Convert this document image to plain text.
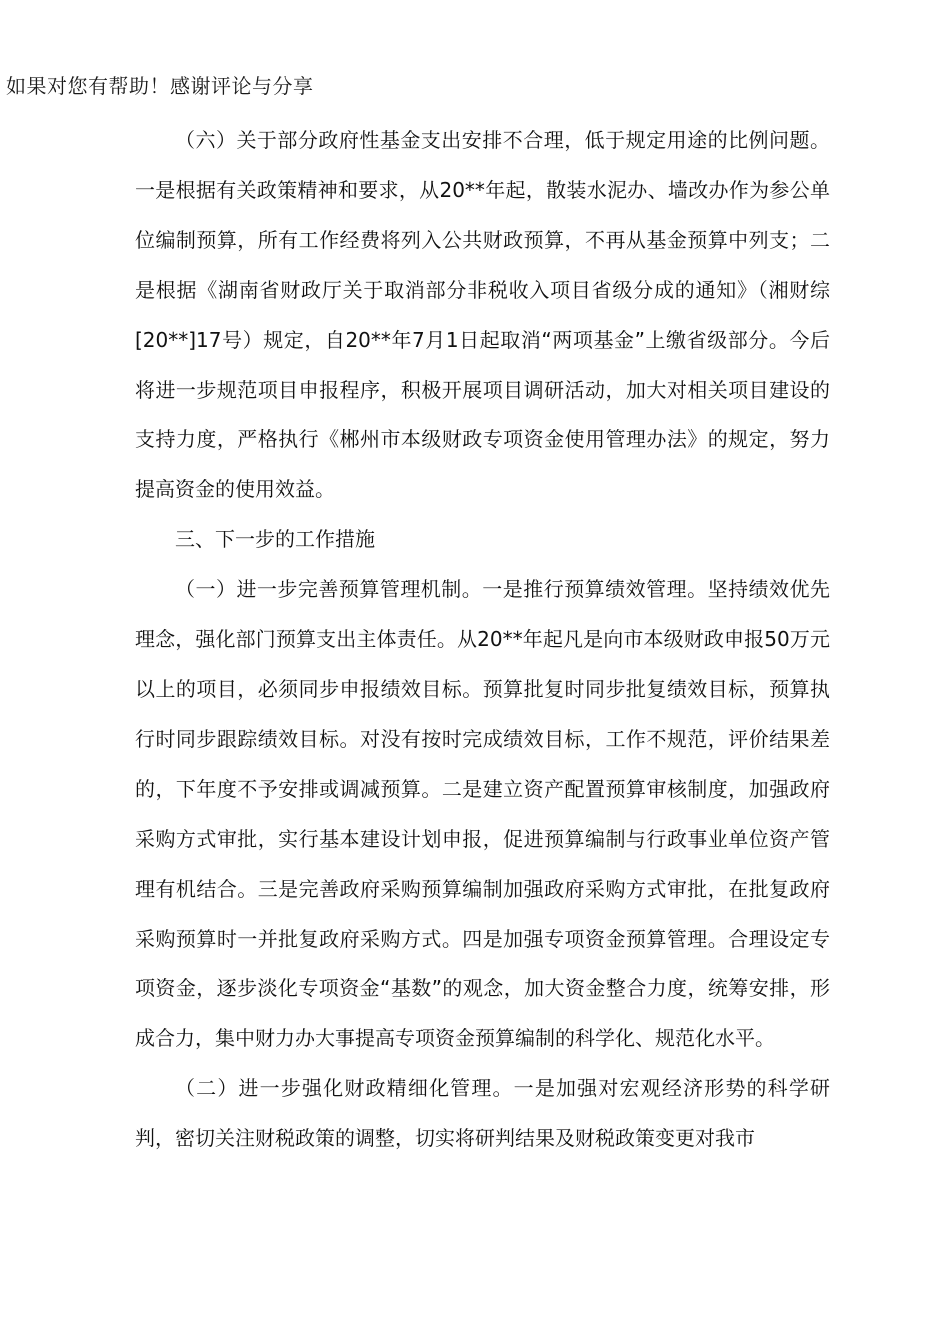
如果对您有帮助！感谢评论与分享

（六）关于部分政府性基金支出安排不合理，低于规定用途的比例问题。一是根据有关政策精神和要求，从20**年起，散装水泥办、墙改办作为参公单位编制预算，所有工作经费将列入公共财政预算，不再从基金预算中列支；二是根据《湖南省财政厅关于取消部分非税收入项目省级分成的通知》（湘财综[20**]17号）规定，自20**年7月1日起取消“两项基金”上缴省级部分。今后将进一步规范项目申报程序，积极开展项目调研活动，加大对相关项目建设的支持力度，严格执行《郴州市本级财政专项资金使用管理办法》的规定，努力提高资金的使用效益。

三、下一步的工作措施

（一）进一步完善预算管理机制。一是推行预算绩效管理。坚持绩效优先理念，强化部门预算支出主体责任。从20**年起凡是向市本级财政申报50万元以上的项目，必须同步申报绩效目标。预算批复时同步批复绩效目标，预算执行时同步跟踪绩效目标。对没有按时完成绩效目标，工作不规范，评价结果差的，下年度不予安排或调减预算。二是建立资产配置预算审核制度，加强政府采购方式审批，实行基本建设计划申报，促进预算编制与行政事业单位资产管理有机结合。三是完善政府采购预算编制加强政府采购方式审批，在批复政府采购预算时一并批复政府采购方式。四是加强专项资金预算管理。合理设定专项资金，逐步淡化专项资金“基数”的观念，加大资金整合力度，统筹安排，形成合力，集中财力办大事提高专项资金预算编制的科学化、规范化水平。

（二）进一步强化财政精细化管理。一是加强对宏观经济形势的科学研判，密切关注财税政策的调整，切实将研判结果及财税政策变更对我市
